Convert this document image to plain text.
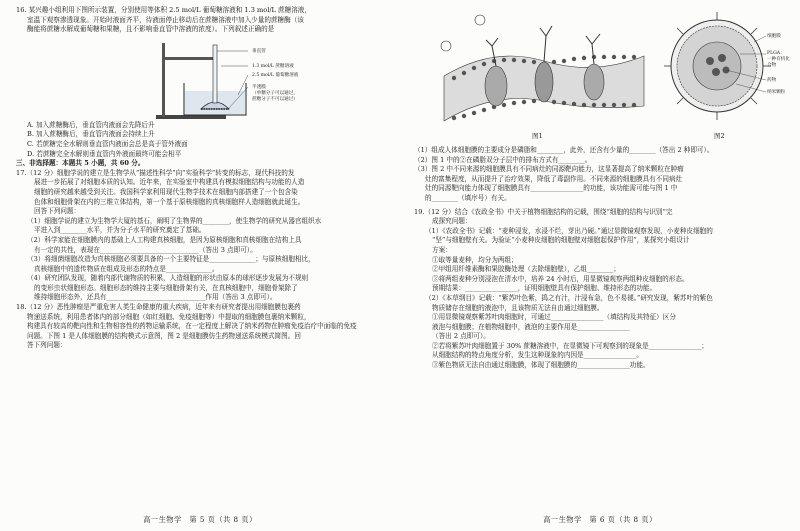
16. 某兴趣小组利用下图所示装置，分别使用等体积 2.5 mol/L 葡萄糖溶液和 1.3 mol/L 蔗糖溶液，
室温下观察渗透现象。开始时液面齐平，待液面停止移动后在蔗糖溶液中加入少量的蔗糖酶（该
酶能将蔗糖水解成葡萄糖和果糖，且不影响垂直管中溶液的浓度）。下列叙述正确的是
垂直管
1.3 mol/L 蔗糖溶液
2.5 mol/L 葡萄糖溶液
半透膜
（单糖分子可以通过，
蔗糖分子不可以通过）
A. 加入蔗糖酶后，垂直管内液面会先降后升
B. 加入蔗糖酶后，垂直管内液面会持续上升
C. 若蔗糖完全水解则垂直管内液面会总是高于管外液面
D. 若蔗糖完全水解则垂直管内外液面最终可能会相平
三、非选择题：本题共 5 小题，共 60 分。
17.（12 分）细胞学说的建立是生物学从“描述性科学”向“实验科学”转变的标志，现代科技的发
展进一步拓展了对细胞本质的认知。近年来，在实验室中构建具有模拟细胞结构与功能的人造
细胞的研究越来越受到关注。我国科学家利用现代生物学技术在细胞内部搭建了一个包含染
色体和细胞骨架在内的三维立体结构，第一个基于原核细胞的真核细胞样人造细胞就此诞生。
回答下列问题：
（1）细胞学说的建立为生物学大厦的基石，阐明了生物界的________，使生物学的研究从器官组织水
平进入到________水平，并为分子水平的研究奠定了基础。
（2）科学家能在细胞膜内的基础上人工构建真核细胞，是因为原核细胞和真核细胞在结构上具
有一定的共性，表现在______________________________（答出 3 点即可）。
（3）将细菌细胞改造为真核细胞必须要具备的一个主要特征是______________；与原核细胞相比，
真核细胞中的遗传物质在组成及形态的特点是______________。
（4）研究团队发现，随着内部代谢物质的积累，人造细胞的形状由原本的球形逐步发展为不规则
的变形虫状细胞形态。细胞形态的维持主要与细胞骨架有关，在真核细胞中，细胞骨架除了
维持细胞形态外，还具有______________________________作用（答出 3 点即可）。
18.（12 分）恶性肿瘤是严重危害人类生命健康的重大疾病，近年来有研究者提出用细胞膜包裹药
物递送系统，利用患者体内的部分细胞（如红细胞、免疫细胞等）中提取的细胞膜包裹纳米颗粒，
构建具有较高的靶向性和生物相容性的药物运输系统，在一定程度上解决了纳米药物在肿瘤免疫治疗中面临的免疫
问题。下图 1 是人体细胞膜的结构模式示意图，图 2 是细胞膜仿生药物递送系统模式简图。回
答下列问题：
高一生物学　第 5 页（共 8 页）
图1
细胞膜
PLGA：
一种有机化
合物
药物
纳米颗粒
图2
（1）组成人体细胞膜的主要成分是磷脂和________，此外，还含有少量的________（答出 2 种即可）。
（2）图 1 中的②在磷脂双分子层中的排布方式有________。
（3）图 2 中不同来源的细胞膜具有不同病灶的同源靶向能力，这显著提高了纳米颗粒在肿瘤
灶的富集程度，从而提升了治疗效果，降低了毒副作用。不同来源的细胞膜具有不同病灶
灶的同源靶向能力体现了细胞膜具有________________的功能，该功能需可能与图 1 中
的________（填序号）有关。
19.（12 分）结合《农政全书》中关于植物细胞结构的记载，围绕“细胞的结构与识别”完
成探究问题：
（1）《农政全书》记载：“麦种浸发，水浸不烂，芽出乃硬。”通过显微镜观察发现，小麦种皮细胞的
“坚”与细胞壁有关。为验证“小麦种皮细胞的细胞壁对细胞起保护作用”，某探究小组设计
方案：
①取等量麦种，均分为两组；
②甲组用纤维素酶和果胶酶处理（去除细胞壁），乙组________；
③将两组麦种分别浸泡在清水中，培养 24 小时后，用显微镜观察两组种皮细胞的形态。
预期结果：________________，证明细胞壁具有保护细胞、维持形态的功能。
（2）《本草纲目》记载：“紫苏叶色紫，捣之有汁，汁浸布急，色不易褪。”研究发现，紫苏叶的紫色
物质储存在细胞的液泡中，且该物质无法自由通过细胞膜。
①用显微镜观察紫苏叶肉细胞时，可通过________________（填结构及其特征）区分
液泡与细胞膜；在植物细胞中，液泡的主要作用是________________
（答出 2 点即可）。
②若将紫苏叶肉细胞置于 30% 蔗糖溶液中，在显微镜下可观察到的现象是________________；
从细胞结构的特点角度分析，发生这种现象的内因是________________。
③紫色物质无法自由通过细胞膜，体现了细胞膜的________________功能。
高一生物学　第 6 页（共 8 页）
